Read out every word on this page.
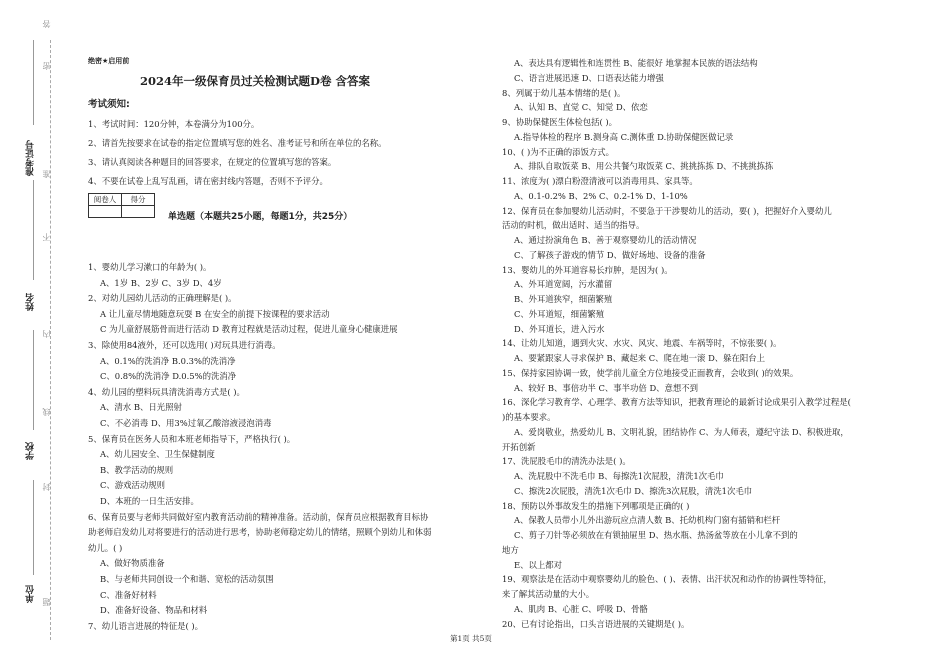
准考证号
姓名
学校
单位
密
封
线
内
不
准
答
题
绝密★启用前
2024年一级保育员过关检测试题D卷 含答案
考试须知:
1、考试时间：120分钟，本卷满分为100分。
2、请首先按要求在试卷的指定位置填写您的姓名、准考证号和所在单位的名称。
3、请认真阅读各种题目的回答要求，在规定的位置填写您的答案。
4、不要在试卷上乱写乱画，请在密封线内答题，否则不予评分。
阅卷人	得分

单选题（本题共25小题，每题1分，共25分）
1、婴幼儿学习漱口的年龄为( )。
A、1岁 B、2岁 C、3岁 D、4岁
2、对幼儿园幼儿活动的正确理解是( )。
A 让儿童尽情地随意玩耍 B 在安全的前提下按课程的要求活动
C 为儿童舒展筋骨而进行活动 D 教育过程就是活动过程，促进儿童身心健康进展
3、除使用84液外，还可以选用( )对玩具进行消毒。
A、0.1%的洗消净 B.0.3%的洗消净
C、0.8%的洗消净 D.0.5%的洗消净
4、幼儿园的塑料玩具清洗消毒方式是( )。
A、清水 B、日光照射
C、不必消毒 D、用3%过氧乙酸溶液浸泡消毒
5、保育员在医务人员和本班老师指导下，严格执行( )。
A、幼儿园安全、卫生保健制度
B、教学活动的规则
C、游戏活动规则
D、本班的一日生活安排。
6、保育员要与老师共同做好室内教育活动前的精神准备。活动前，保育员应根据教育目标协
助老师启发幼儿对将要进行的活动进行思考，协助老师稳定幼儿的情绪，照顾个别幼儿和体弱
幼儿。( )
A、做好物质准备
B、与老师共同创设一个和谐、宽松的活动氛围
C、准备好材料
D、准备好设备、物品和材料
7、幼儿语言进展的特征是( )。
A、表达具有逻辑性和连贯性 B、能很好 地掌握本民族的语法结构
C、语言进展迅速 D、口语表达能力增强
8、列属于幼儿基本情绪的是( )。
A、认知 B、直觉 C、知觉 D、依恋
9、协助保健医生体检包括( )。
A.指导体检的程序 B.测身高 C.测体重 D.协助保健医做记录
10、( )为不正确的添饭方式。
A、排队自取饭菜 B、用公共餐勺取饭菜 C、挑挑拣拣 D、不挑挑拣拣
11、浓度为( )漂白粉澄清液可以消毒用具、家具等。
A、0.1-0.2% B、2% C、0.2-1% D、1-10%
12、保育员在参加婴幼儿活动时，不要急于干涉婴幼儿的活动，要( )，把握好介入婴幼儿
活动的时机，做出适时、适当的指导。
A、通过扮演角色 B、善于观察婴幼儿的活动情况
C、了解孩子游戏的情节 D、做好场地、设备的准备
13、婴幼儿的外耳道容易长疖肿，是因为( )。
A、外耳道宽阔，污水灌留
B、外耳道狭窄，细菌繁殖
C、外耳道短，细菌繁殖
D、外耳道长，进入污水
14、让幼儿知道，遇到火灾、水灾、风灾、地震、车祸等时，不惊张要( )。
A、要紧跟家人寻求保护 B、藏起来 C、爬在地一滚 D、躲在阳台上
15、保持家园协调一致，使学前儿童全方位地接受正面教育，会收到( )的效果。
A、较好 B、事倍功半 C、事半功倍 D、意想不到
16、深化学习教育学、心理学、教育方法等知识，把教育理论的最新讨论成果引入教学过程是(
)的基本要求。
A、爱岗敬业，热爱幼儿 B、文明礼貌，团结协作 C、为人师表，遵纪守法 D、积极进取，
开拓创新
17、洗屁股毛巾的清洗办法是( )。
A、洗屁股中不洗毛巾 B、每擦洗1次屁股，清洗1次毛巾
C、擦洗2次屁股，清洗1次毛巾 D、擦洗3次屁股，清洗1次毛巾
18、预防以外事故发生的措施下列哪项是正确的( )
A、保教人员带小儿外出游玩应点清人数 B、托幼机构门窗有插销和栏杆
C、剪子刀针等必须放在有锁抽屉里 D、热水瓶、热汤盆等放在小儿拿不到的
地方
E、以上都对
19、观察法是在活动中观察婴幼儿的脸色、( )、表情、出汗状况和动作的协调性等特征，
来了解其活动量的大小。
A、肌肉 B、心脏 C、呼吸 D、骨骼
20、已有讨论指出，口头言语进展的关键期是( )。
第1页 共5页
